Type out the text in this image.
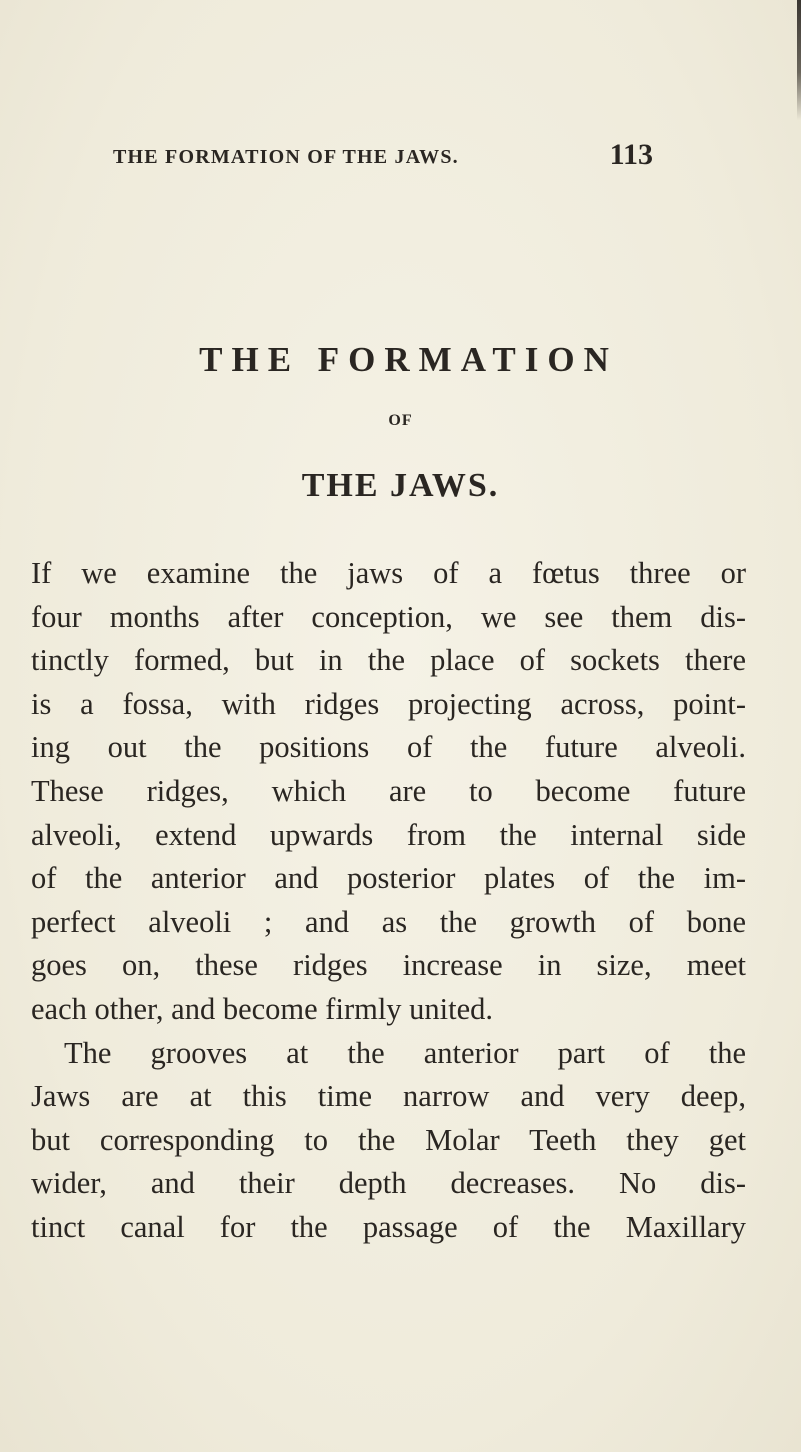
THE FORMATION OF THE JAWS.	113
THE FORMATION
OF
THE JAWS.
If we examine the jaws of a fœtus three or
four months after conception, we see them dis-
tinctly formed, but in the place of sockets there
is a fossa, with ridges projecting across, point-
ing out the positions of the future alveoli.
These ridges, which are to become future
alveoli, extend upwards from the internal side
of the anterior and posterior plates of the im-
perfect alveoli ; and as the growth of bone
goes on, these ridges increase in size, meet
each other, and become firmly united.
The grooves at the anterior part of the
Jaws are at this time narrow and very deep,
but corresponding to the Molar Teeth they get
wider, and their depth decreases. No dis-
tinct canal for the passage of the Maxillary
